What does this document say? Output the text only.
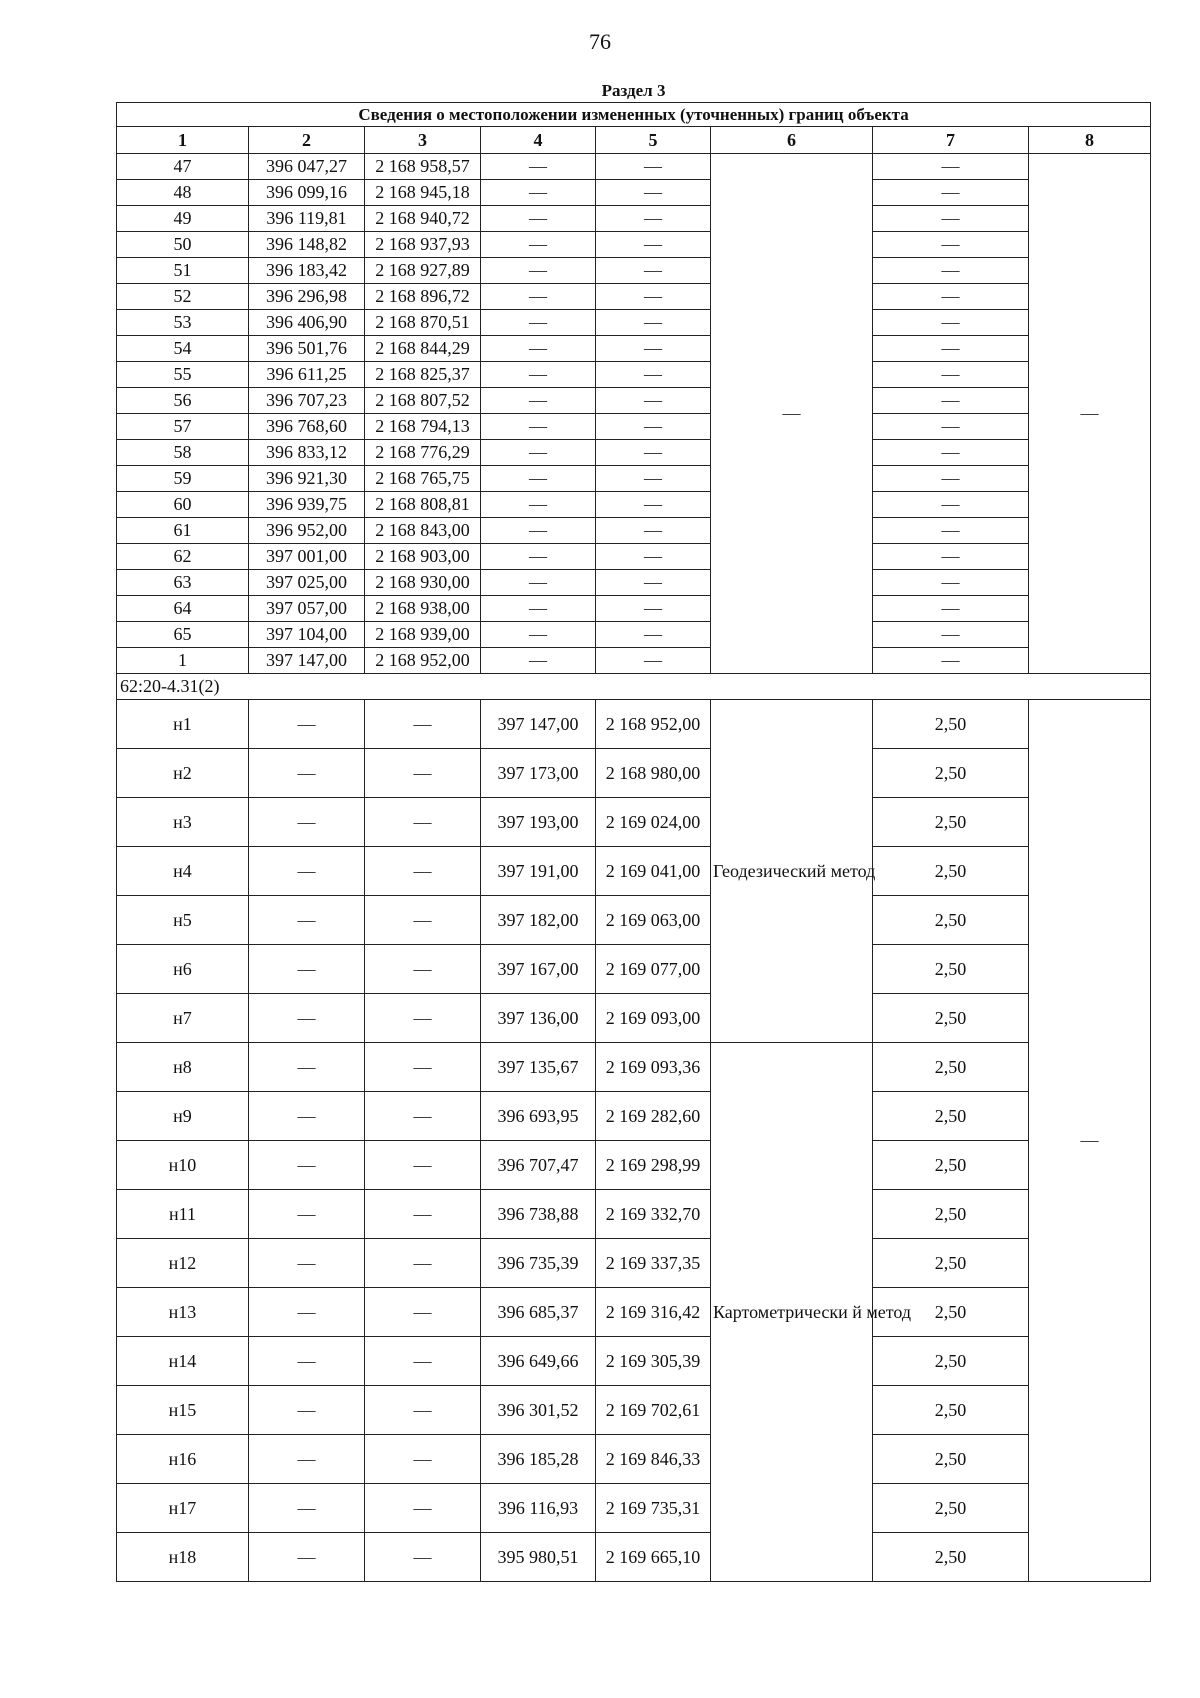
76
Раздел 3							
Сведения о местоположении измененных (уточненных) границ объекта							
1	2	3	4	5	6	7	8
47	396 047,27	2 168 958,57	—	—	—	—	—
48	396 099,16	2 168 945,18	—	—		—	
49	396 119,81	2 168 940,72	—	—		—	
50	396 148,82	2 168 937,93	—	—		—	
51	396 183,42	2 168 927,89	—	—		—	
52	396 296,98	2 168 896,72	—	—		—	
53	396 406,90	2 168 870,51	—	—		—	
54	396 501,76	2 168 844,29	—	—		—	
55	396 611,25	2 168 825,37	—	—		—	
56	396 707,23	2 168 807,52	—	—		—	
57	396 768,60	2 168 794,13	—	—		—	
58	396 833,12	2 168 776,29	—	—		—	
59	396 921,30	2 168 765,75	—	—		—	
60	396 939,75	2 168 808,81	—	—		—	
61	396 952,00	2 168 843,00	—	—		—	
62	397 001,00	2 168 903,00	—	—		—	
63	397 025,00	2 168 930,00	—	—		—	
64	397 057,00	2 168 938,00	—	—		—	
65	397 104,00	2 168 939,00	—	—		—	
1	397 147,00	2 168 952,00	—	—		—	
62:20-4.31(2)							
н1	—	—	397 147,00	2 168 952,00	Геодезический метод	2,50	—
н2	—	—	397 173,00	2 168 980,00		2,50	
н3	—	—	397 193,00	2 169 024,00		2,50	
н4	—	—	397 191,00	2 169 041,00		2,50	
н5	—	—	397 182,00	2 169 063,00		2,50	
н6	—	—	397 167,00	2 169 077,00		2,50	
н7	—	—	397 136,00	2 169 093,00		2,50	
н8	—	—	397 135,67	2 169 093,36	Картометрически й метод	2,50	
н9	—	—	396 693,95	2 169 282,60		2,50	
н10	—	—	396 707,47	2 169 298,99		2,50	
н11	—	—	396 738,88	2 169 332,70		2,50	
н12	—	—	396 735,39	2 169 337,35		2,50	
н13	—	—	396 685,37	2 169 316,42		2,50	
н14	—	—	396 649,66	2 169 305,39		2,50	
н15	—	—	396 301,52	2 169 702,61		2,50	
н16	—	—	396 185,28	2 169 846,33		2,50	
н17	—	—	396 116,93	2 169 735,31		2,50	
н18	—	—	395 980,51	2 169 665,10		2,50	
